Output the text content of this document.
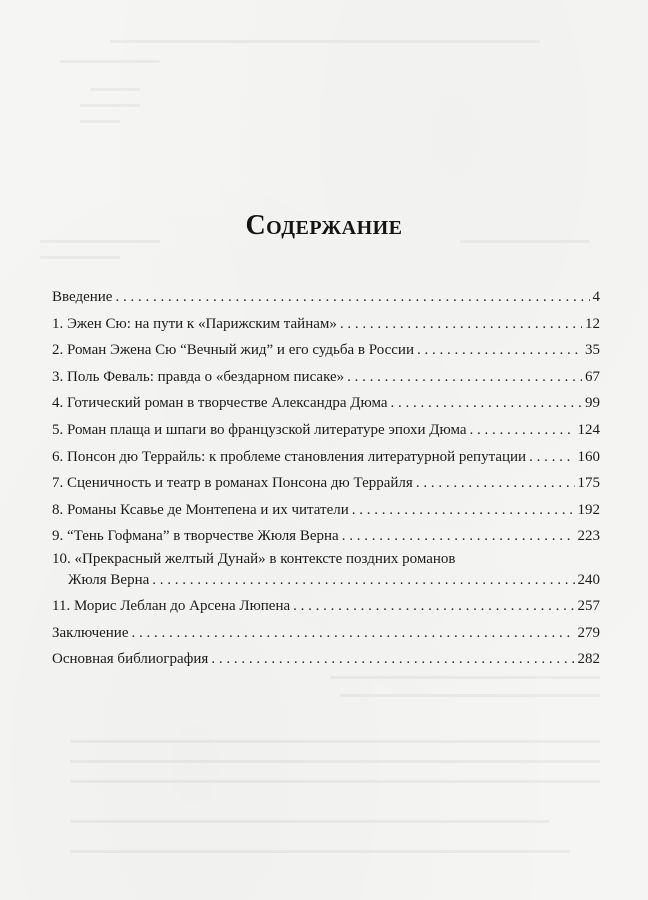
Содержание
Введение . . .	4
1. Эжен Сю: на пути к «Парижским тайнам» . . .	12
2. Роман Эжена Сю “Вечный жид” и его судьба в России . . .	35
3. Поль Феваль: правда о «бездарном писаке» . . .	67
4. Готический роман в творчестве Александра Дюма . . .	99
5. Роман плаща и шпаги во французской литературе эпохи Дюма . . .	124
6. Понсон дю Террайль: к проблеме становления литературной репутации . . .	160
7. Сценичность и театр в романах Понсона дю Террайля . . .	175
8. Романы Ксавье де Монтепена и их читатели . . .	192
9. “Тень Гофмана” в творчестве Жюля Верна . . .	223
10. «Прекрасный желтый Дунай» в контексте поздних романов
Жюля Верна . . .	240
11. Морис Леблан до Арсена Люпена . . .	257
Заключение . . .	279
Основная библиография . . .	282
